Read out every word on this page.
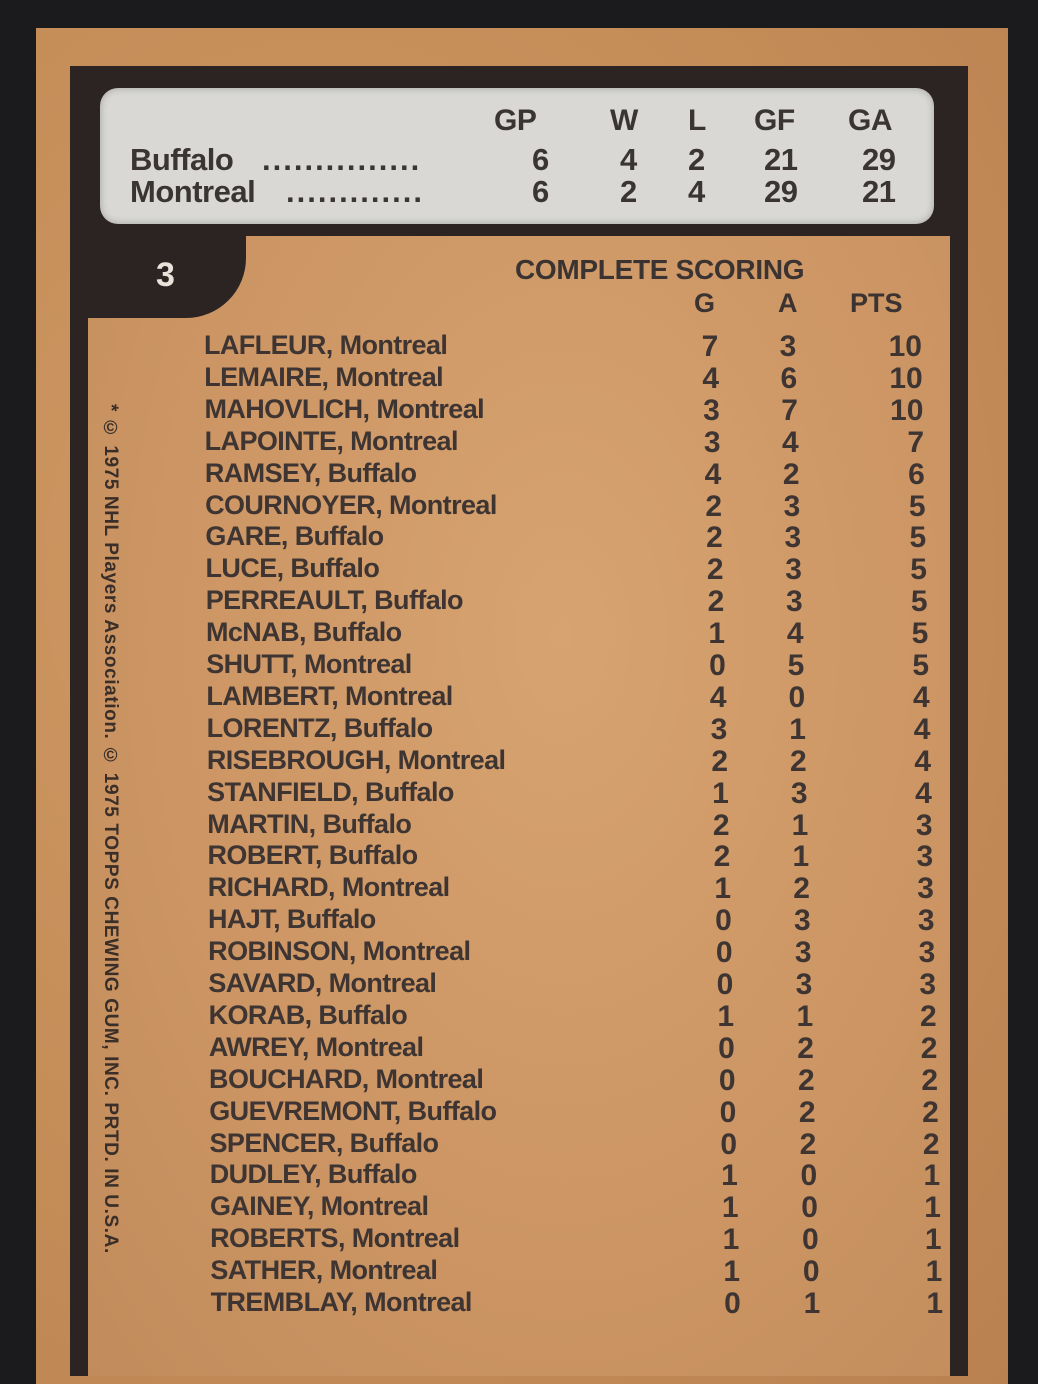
GP W L GF GA
Buffalo ...............	6 4 2 21 29
Montreal .............	6 2 4 29 21
3
* © 1975 NHL Players Association. © 1975 TOPPS CHEWING GUM, INC. PRTD. IN U.S.A.
COMPLETE SCORING
G A PTS
LAFLEUR, Montreal	7	3	10
LEMAIRE, Montreal	4	6	10
MAHOVLICH, Montreal	3	7	10
LAPOINTE, Montreal	3	4	7
RAMSEY, Buffalo	4	2	6
COURNOYER, Montreal	2	3	5
GARE, Buffalo	2	3	5
LUCE, Buffalo	2	3	5
PERREAULT, Buffalo	2	3	5
McNAB, Buffalo	1	4	5
SHUTT, Montreal	0	5	5
LAMBERT, Montreal	4	0	4
LORENTZ, Buffalo	3	1	4
RISEBROUGH, Montreal	2	2	4
STANFIELD, Buffalo	1	3	4
MARTIN, Buffalo	2	1	3
ROBERT, Buffalo	2	1	3
RICHARD, Montreal	1	2	3
HAJT, Buffalo	0	3	3
ROBINSON, Montreal	0	3	3
SAVARD, Montreal	0	3	3
KORAB, Buffalo	1	1	2
AWREY, Montreal	0	2	2
BOUCHARD, Montreal	0	2	2
GUEVREMONT, Buffalo	0	2	2
SPENCER, Buffalo	0	2	2
DUDLEY, Buffalo	1	0	1
GAINEY, Montreal	1	0	1
ROBERTS, Montreal	1	0	1
SATHER, Montreal	1	0	1
TREMBLAY, Montreal	0	1	1
